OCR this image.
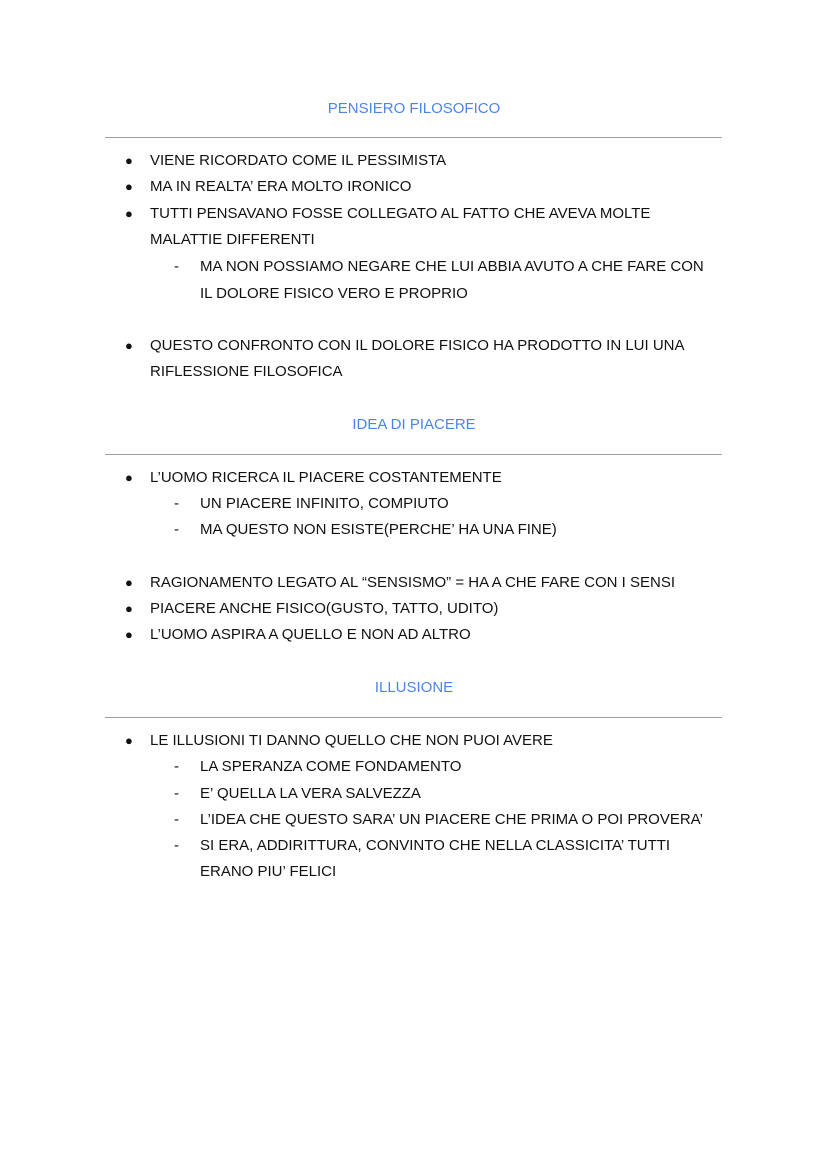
PENSIERO FILOSOFICO

● VIENE RICORDATO COME IL PESSIMISTA
● MA IN REALTA’ ERA MOLTO IRONICO
● TUTTI PENSAVANO FOSSE COLLEGATO AL FATTO CHE AVEVA MOLTE
MALATTIE DIFFERENTI
-	MA NON POSSIAMO NEGARE CHE LUI ABBIA AVUTO A CHE FARE CON
IL DOLORE FISICO VERO E PROPRIO
● QUESTO CONFRONTO CON IL DOLORE FISICO HA PRODOTTO IN LUI UNA
RIFLESSIONE FILOSOFICA

IDEA DI PIACERE

● L’UOMO RICERCA IL PIACERE COSTANTEMENTE
-	UN PIACERE INFINITO, COMPIUTO
-	MA QUESTO NON ESISTE(PERCHE’ HA UNA FINE)
● RAGIONAMENTO LEGATO AL “SENSISMO” = HA A CHE FARE CON I SENSI
● PIACERE ANCHE FISICO(GUSTO, TATTO, UDITO)
● L’UOMO ASPIRA A QUELLO E NON AD ALTRO

ILLUSIONE

● LE ILLUSIONI TI DANNO QUELLO CHE NON PUOI AVERE
-	LA SPERANZA COME FONDAMENTO
-	E’ QUELLA LA VERA SALVEZZA
-	L’IDEA CHE QUESTO SARA’ UN PIACERE CHE PRIMA O POI PROVERA’
-	SI ERA, ADDIRITTURA, CONVINTO CHE NELLA CLASSICITA’ TUTTI
ERANO PIU’ FELICI
